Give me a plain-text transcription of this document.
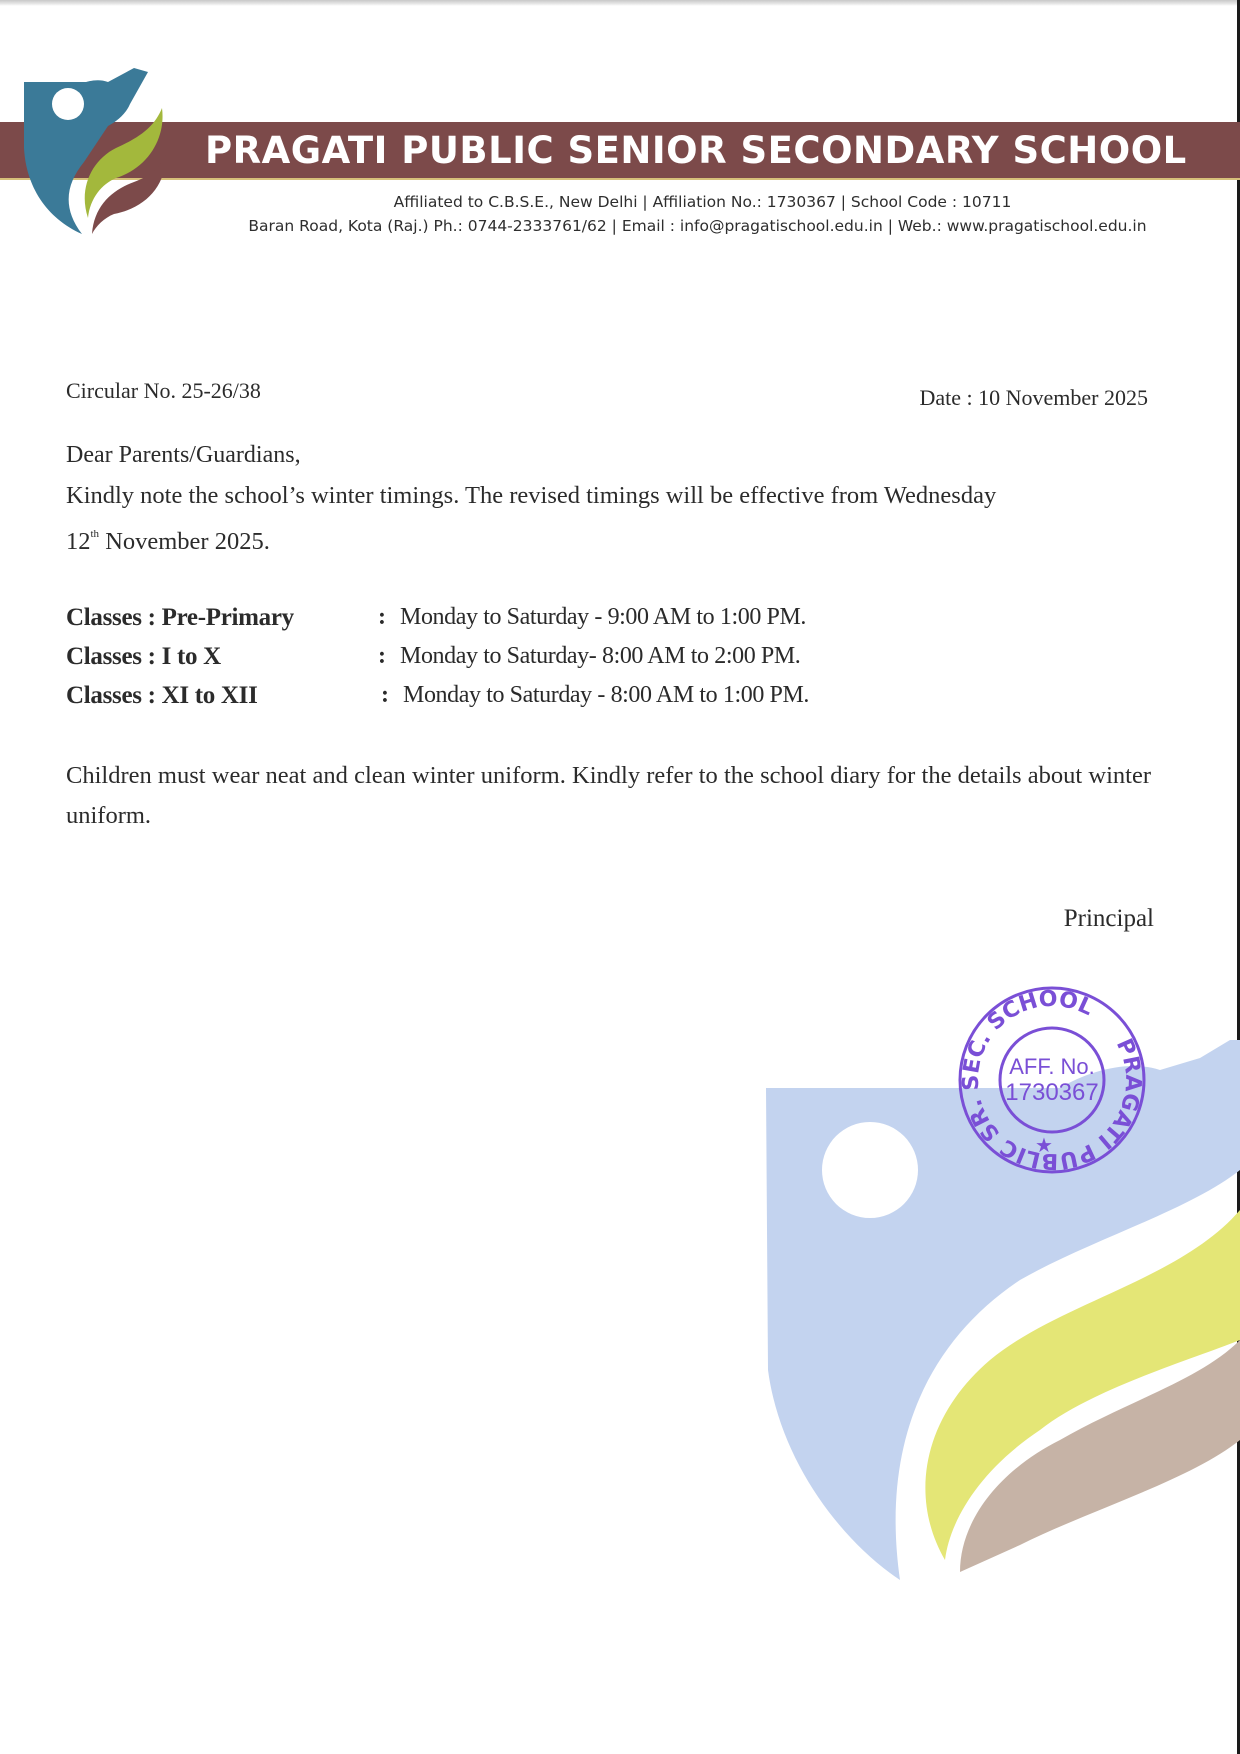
PRAGATI PUBLIC SENIOR SECONDARY SCHOOL
Affiliated to C.B.S.E., New Delhi | Affiliation No.: 1730367 | School Code : 10711
Baran Road, Kota (Raj.) Ph.: 0744-2333761/62 | Email : info@pragatischool.edu.in | Web.: www.pragatischool.edu.in
PRAGATI PUBLIC SR. SEC. SCHOOL
AFF. No.
1730367
★
Circular No. 25-26/38	Date : 10 November 2025
Dear Parents/Guardians,
Kindly note the school’s winter timings. The revised timings will be effective from Wednesday
12th November 2025.
Classes : Pre-Primary	: Monday to Saturday - 9:00 AM to 1:00 PM.
Classes : I to X	: Monday to Saturday- 8:00 AM to 2:00 PM.
Classes : XI to XII	: Monday to Saturday - 8:00 AM to 1:00 PM.
Children must wear neat and clean winter uniform. Kindly refer to the school diary for the details about winter uniform.
Principal
